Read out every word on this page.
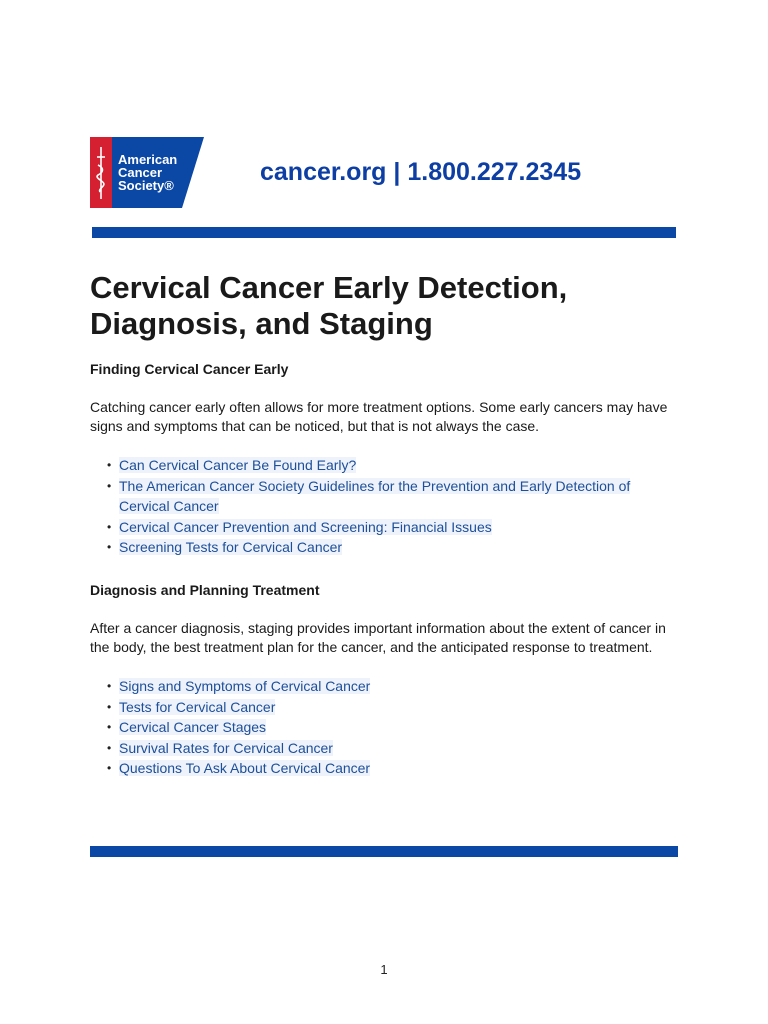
American
Cancer
Society®	cancer.org | 1.800.227.2345
Cervical Cancer Early Detection,
Diagnosis, and Staging
Finding Cervical Cancer Early

Catching cancer early often allows for more treatment options. Some early cancers may have signs and symptoms that can be noticed, but that is not always the case.

• Can Cervical Cancer Be Found Early?
• The American Cancer Society Guidelines for the Prevention and Early Detection of Cervical Cancer
• Cervical Cancer Prevention and Screening: Financial Issues
• Screening Tests for Cervical Cancer
Diagnosis and Planning Treatment

After a cancer diagnosis, staging provides important information about the extent of cancer in the body, the best treatment plan for the cancer, and the anticipated response to treatment.

• Signs and Symptoms of Cervical Cancer
• Tests for Cervical Cancer
• Cervical Cancer Stages
• Survival Rates for Cervical Cancer
• Questions To Ask About Cervical Cancer
1
